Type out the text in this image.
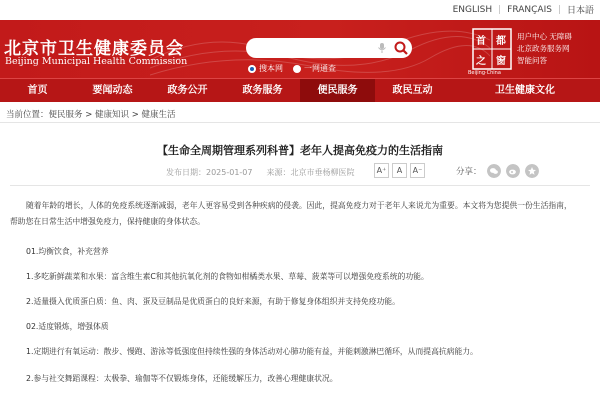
ENGLISH | FRANÇAIS | 日本語
北京市卫生健康委员会
Beijing Municipal Health Commission
搜本网	一网通查
首 都
之 窗
Beijing·China
用户中心 无障碍
北京政务服务网
智能问答
首页	要闻动态	政务公开	政务服务	便民服务	政民互动	卫生健康文化
当前位置：便民服务 > 健康知识 > 健康生活
【生命全周期管理系列科普】老年人提高免疫力的生活指南
发布日期：2025-01-07 来源：北京市垂杨柳医院	A⁺	A	A⁻	分享：
随着年龄的增长，人体的免疫系统逐渐减弱，老年人更容易受到各种疾病的侵袭。因此，提高免疫力对于老年人来说尤为重要。本文将为您提供一份生活指南，
帮助您在日常生活中增强免疫力，保持健康的身体状态。
01.均衡饮食，补充营养
1.多吃新鲜蔬菜和水果：富含维生素C和其他抗氧化剂的食物如柑橘类水果、草莓、菠菜等可以增强免疫系统的功能。
2.适量摄入优质蛋白质：鱼、肉、蛋及豆制品是优质蛋白的良好来源，有助于修复身体组织并支持免疫功能。
02.适度锻炼，增强体质
1.定期进行有氧运动：散步、慢跑、游泳等低强度但持续性强的身体活动对心肺功能有益，并能刺激淋巴循环，从而提高抗病能力。
2.参与社交舞蹈课程：太极拳、瑜伽等不仅锻炼身体，还能缓解压力，改善心理健康状况。
